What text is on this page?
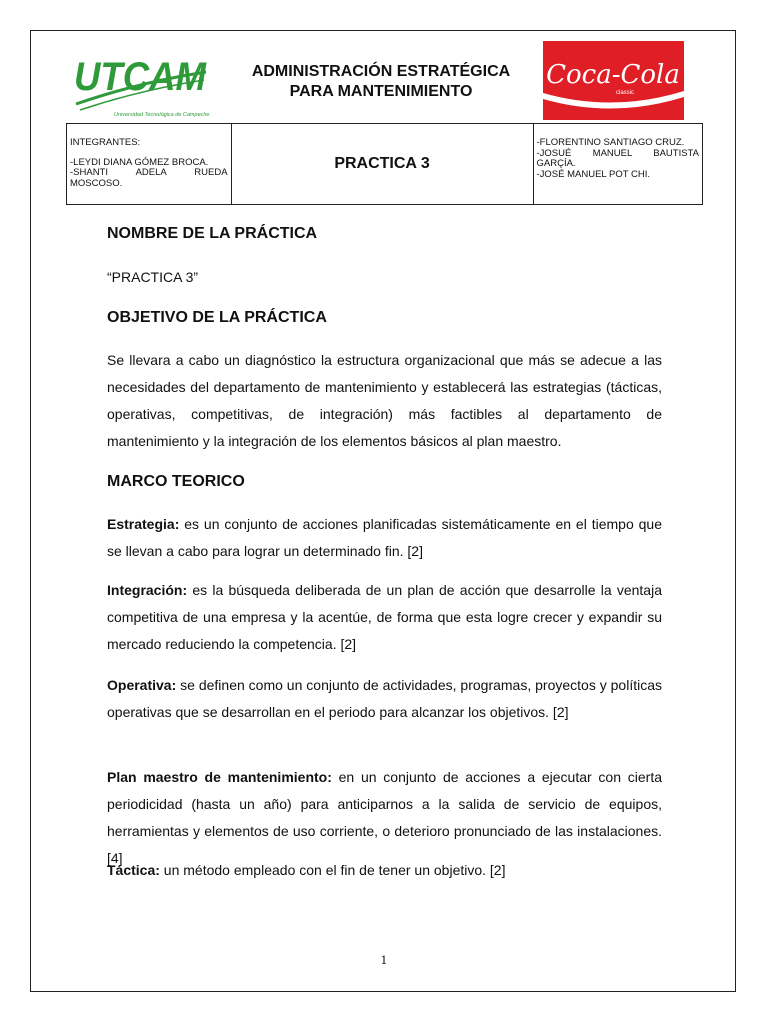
UTCAM
Universidad Tecnológica de Campeche
ADMINISTRACIÓN ESTRATÉGICA
PARA MANTENIMIENTO
Coca-Cola
classic
INTEGRANTES:
-LEYDI DIANA GÓMEZ BROCA.
-SHANTI ADELA RUEDA
MOSCOSO.
	PRACTICA 3	
-FLORENTINO SANTIAGO CRUZ.
-JOSUÉ MANUEL BAUTISTA
GARÇÍA.
-JOSÉ MANUEL POT CHI.
NOMBRE DE LA PRÁCTICA
“PRACTICA 3”
OBJETIVO DE LA PRÁCTICA

Se llevara a cabo un diagnóstico la estructura organizacional que más se adecue a las necesidades del departamento de mantenimiento y establecerá las estrategias (tácticas, operativas, competitivas, de integración) más factibles al departamento de mantenimiento y la integración de los elementos básicos al plan maestro.

MARCO TEORICO

Estrategia: es un conjunto de acciones planificadas sistemáticamente en el tiempo que se llevan a cabo para lograr un determinado fin. [2]

Integración: es la búsqueda deliberada de un plan de acción que desarrolle la ventaja competitiva de una empresa y la acentúe, de forma que esta logre crecer y expandir su mercado reduciendo la competencia. [2]

Operativa: se definen como un conjunto de actividades, programas, proyectos y políticas operativas que se desarrollan en el periodo para alcanzar los objetivos. [2]

Plan maestro de mantenimiento: en un conjunto de acciones a ejecutar con cierta periodicidad (hasta un año) para anticiparnos a la salida de servicio de equipos, herramientas y elementos de uso corriente, o deterioro pronunciado de las instalaciones. [4]

Táctica: un método empleado con el fin de tener un objetivo. [2]

1
